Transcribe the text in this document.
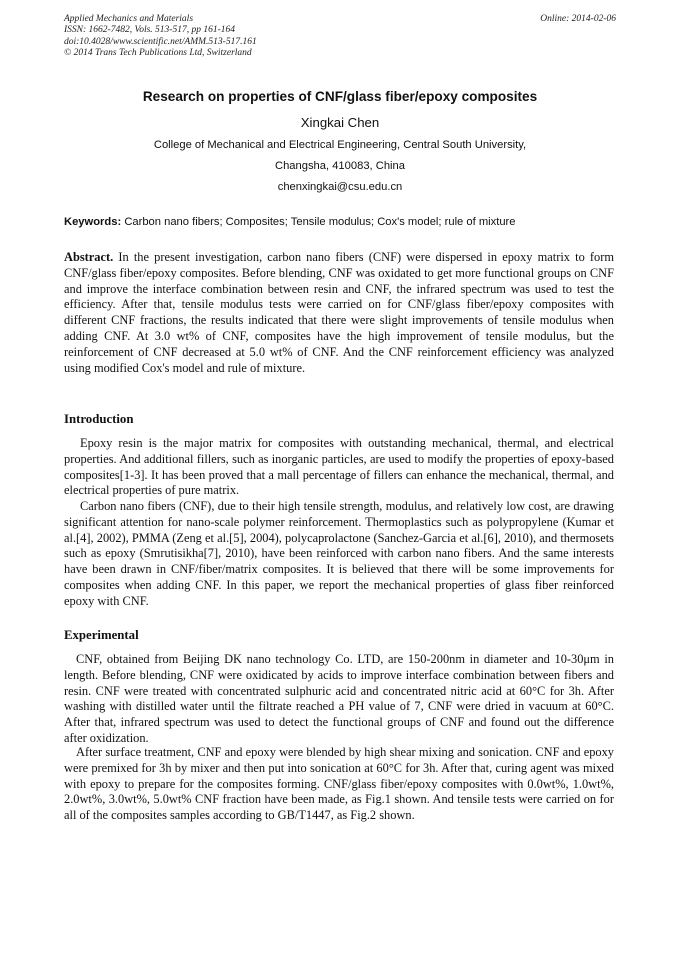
Applied Mechanics and Materials
ISSN: 1662-7482, Vols. 513-517, pp 161-164
doi:10.4028/www.scientific.net/AMM.513-517.161
© 2014 Trans Tech Publications Ltd, Switzerland
Online: 2014-02-06
Research on properties of CNF/glass fiber/epoxy composites
Xingkai Chen
College of Mechanical and Electrical Engineering, Central South University,
Changsha, 410083, China
chenxingkai@csu.edu.cn
Keywords: Carbon nano fibers; Composites; Tensile modulus; Cox's model; rule of mixture

Abstract. In the present investigation, carbon nano fibers (CNF) were dispersed in epoxy matrix to form CNF/glass fiber/epoxy composites. Before blending, CNF was oxidated to get more functional groups on CNF and improve the interface combination between resin and CNF, the infrared spectrum was used to test the efficiency. After that, tensile modulus tests were carried on for CNF/glass fiber/epoxy composites with different CNF fractions, the results indicated that there were slight improvements of tensile modulus when adding CNF. At 3.0 wt% of CNF, composites have the high improvement of tensile modulus, but the reinforcement of CNF decreased at 5.0 wt% of CNF. And the CNF reinforcement efficiency was analyzed using modified Cox's model and rule of mixture.

Introduction

Epoxy resin is the major matrix for composites with outstanding mechanical, thermal, and electrical properties. And additional fillers, such as inorganic particles, are used to modify the properties of epoxy-based composites[1-3]. It has been proved that a mall percentage of fillers can enhance the mechanical, thermal, and electrical properties of pure matrix.

Carbon nano fibers (CNF), due to their high tensile strength, modulus, and relatively low cost, are drawing significant attention for nano-scale polymer reinforcement. Thermoplastics such as polypropylene (Kumar et al.[4], 2002), PMMA (Zeng et al.[5], 2004), polycaprolactone (Sanchez-Garcia et al.[6], 2010), and thermosets such as epoxy (Smrutisikha[7], 2010), have been reinforced with carbon nano fibers. And the same interests have been drawn in CNF/fiber/matrix composites. It is believed that there will be some improvements for composites when adding CNF. In this paper, we report the mechanical properties of glass fiber reinforced epoxy with CNF.

Experimental

CNF, obtained from Beijing DK nano technology Co. LTD, are 150-200nm in diameter and 10-30μm in length. Before blending, CNF were oxidicated by acids to improve interface combination between fibers and resin. CNF were treated with concentrated sulphuric acid and concentrated nitric acid at 60°C for 3h. After washing with distilled water until the filtrate reached a PH value of 7, CNF were dried in vacuum at 60°C. After that, infrared spectrum was used to detect the functional groups of CNF and found out the difference after oxidization.

After surface treatment, CNF and epoxy were blended by high shear mixing and sonication. CNF and epoxy were premixed for 3h by mixer and then put into sonication at 60°C for 3h. After that, curing agent was mixed with epoxy to prepare for the composites forming. CNF/glass fiber/epoxy composites with 0.0wt%, 1.0wt%, 2.0wt%, 3.0wt%, 5.0wt% CNF fraction have been made, as Fig.1 shown. And tensile tests were carried on for all of the composites samples according to GB/T1447, as Fig.2 shown.
